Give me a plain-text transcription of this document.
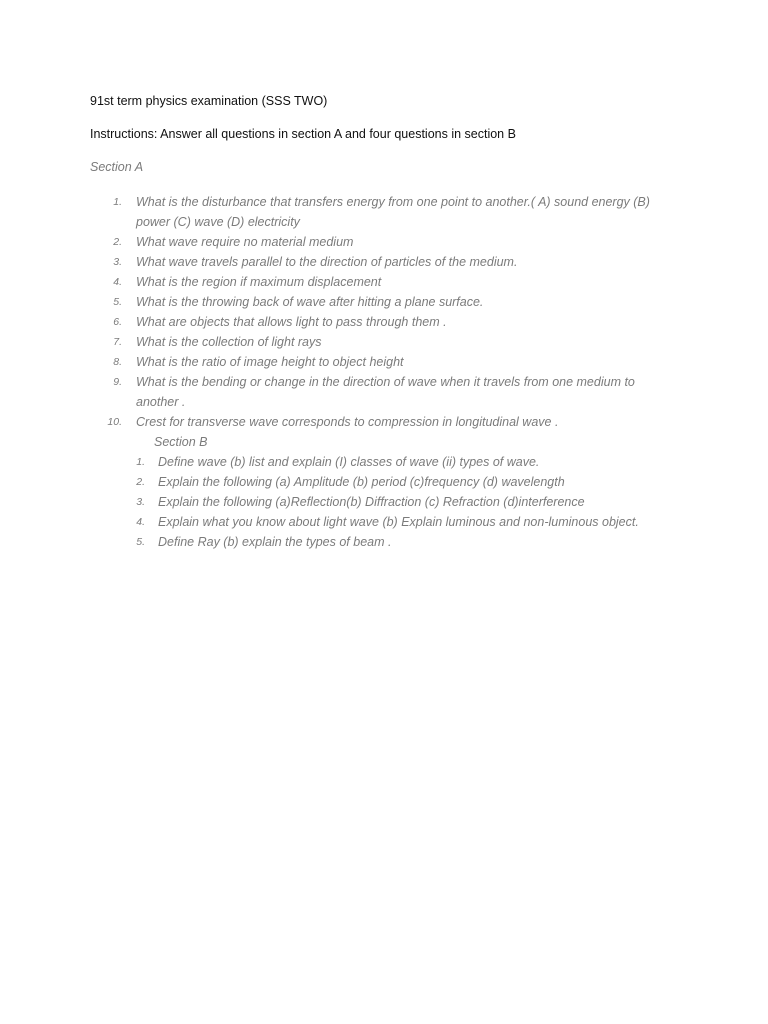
91st term physics examination (SSS TWO)
Instructions: Answer all questions in section A and four questions in section B
Section A
1. What is the disturbance that transfers energy from one point to another.( A) sound energy (B) power (C) wave (D) electricity
2. What wave require no material medium
3. What wave travels parallel to the direction of particles of the medium.
4. What is the region if maximum displacement
5. What is the throwing back of wave after hitting a plane surface.
6. What are objects that allows light to pass through them .
7. What is the collection of light rays
8. What is the ratio of image height to object height
9. What is the bending or change in the direction of wave when it travels from one medium to another .
10. Crest for transverse wave corresponds to compression in longitudinal wave .
Section B
1. Define wave (b) list and explain (I) classes of wave (ii) types of wave.
2. Explain the following (a) Amplitude (b) period (c)frequency (d) wavelength
3. Explain the following (a)Reflection(b) Diffraction (c) Refraction (d)interference
4. Explain what you know about light wave (b) Explain luminous and non-luminous object.
5. Define Ray (b) explain the types of beam .
